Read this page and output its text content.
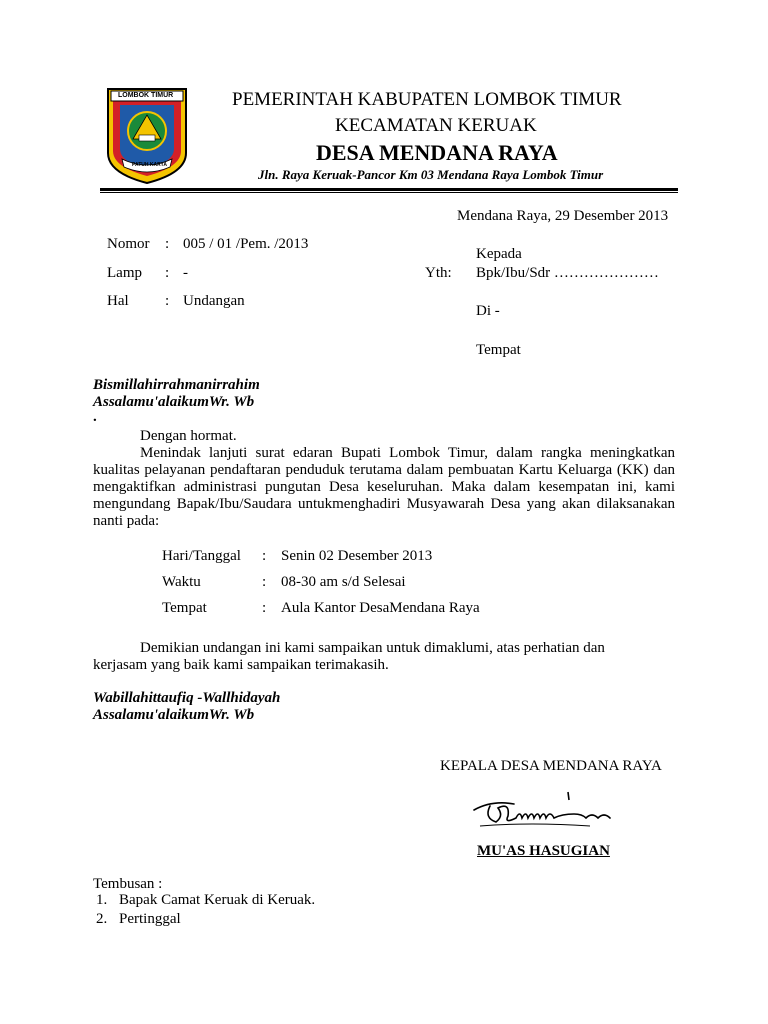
LOMBOK TIMUR
PATUH KARYA
PEMERINTAH KABUPATEN LOMBOK TIMUR
KECAMATAN KERUAK
DESA MENDANA RAYA
Jln. Raya Keruak-Pancor Km 03 Mendana Raya Lombok Timur
Mendana Raya, 29 Desember 2013
Nomor : 005 / 01 /Pem. /2013
Lamp : -
Hal : Undangan
Kepada
Yth: Bpk/Ibu/Sdr …………………
Di -
Tempat
Bismillahirrahmanirrahim
Assalamu'alaikumWr. Wb
.
Dengan hormat.

Menindak lanjuti surat edaran Bupati Lombok Timur, dalam rangka meningkatkan kualitas pelayanan pendaftaran penduduk terutama dalam pembuatan Kartu Keluarga (KK) dan mengaktifkan administrasi pungutan Desa keseluruhan. Maka dalam kesempatan ini, kami mengundang Bapak/Ibu/Saudara untukmenghadiri Musyawarah Desa yang akan dilaksanakan nanti pada:

Hari/Tanggal : Senin 02 Desember 2013
Waktu	: 08-30 am s/d Selesai
Tempat	: Aula Kantor DesaMendana Raya

Demikian undangan ini kami sampaikan untuk dimaklumi, atas perhatian dan kerjasam yang baik kami sampaikan terimakasih.

Wabillahittaufiq -Wallhidayah
Assalamu'alaikumWr. Wb
KEPALA DESA MENDANA RAYA
MU'AS HASUGIAN
Tembusan :
1. Bapak Camat Keruak di Keruak.
2. Pertinggal
